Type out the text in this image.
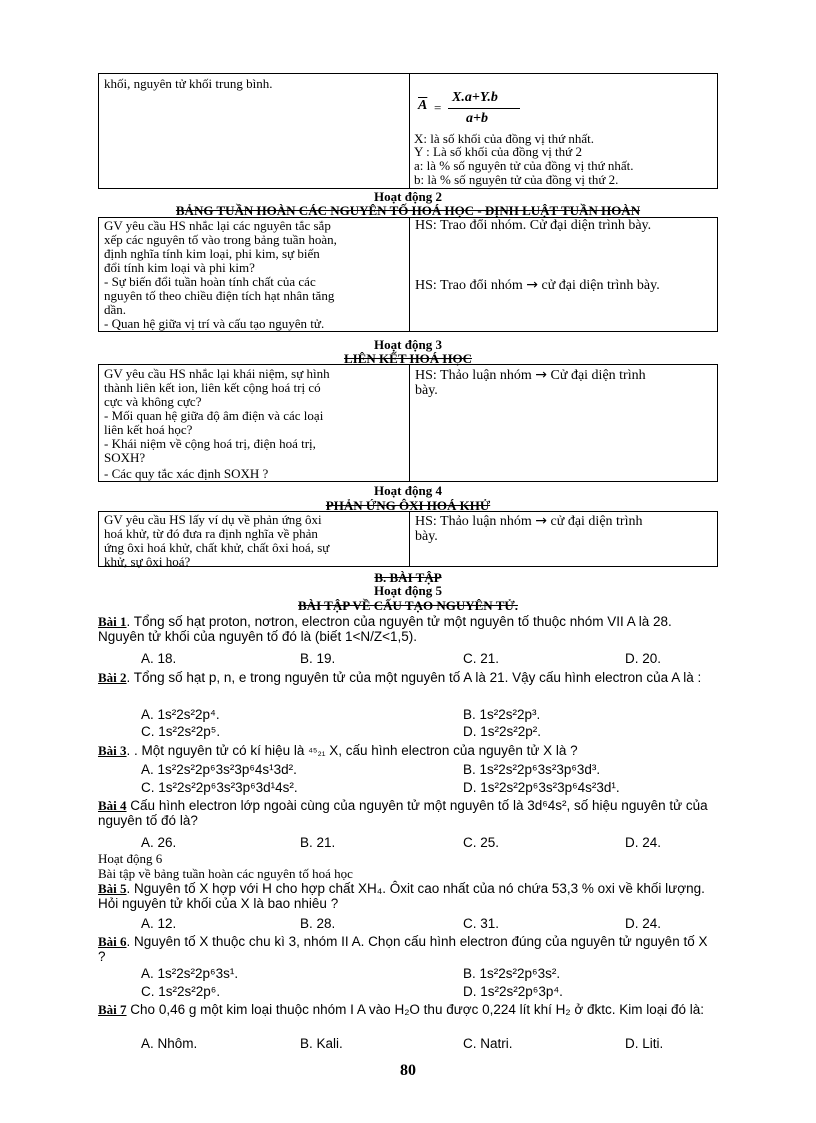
khối, nguyên tử khối trung bình.
$\overline{A}$ =
X.a+Y.b
a+b
X: là số khối của đồng vị thứ nhất.
Y : Là số khối của đồng vị thứ 2
a: là % số nguyên tử của đồng vị thứ nhất.
b: là % số nguyên tử của đồng vị thứ 2.
Hoạt động 2
BẢNG TUẦN HOÀN CÁC NGUYÊN TỐ HOÁ HỌC - ĐỊNH LUẬT TUẦN HOÀN
GV yêu cầu HS nhắc lại các nguyên tắc sắp
xếp các nguyên tố vào trong bảng tuần hoàn,
định nghĩa tính kim loại, phi kim, sự biến
đổi tính kim loại và phi kim?
- Sự biến đổi tuần hoàn tính chất của các
nguyên tố theo chiều điện tích hạt nhân tăng
dần.
- Quan hệ giữa vị trí và cấu tạo nguyên tử.
HS: Trao đổi nhóm. Cử đại diện trình bày.
HS: Trao đổi nhóm → cử đại diện trình bày.
Hoạt động 3
LIÊN KẾT HOÁ HỌC
GV yêu cầu HS nhắc lại khái niệm, sự hình
thành liên kết ion, liên kết cộng hoá trị có
cực và không cực?
- Mối quan hệ giữa độ âm điện và các loại
liên kết hoá học?
- Khái niệm về cộng hoá trị, điện hoá trị,
SOXH?
- Các quy tắc xác định SOXH ?
HS: Thảo luận nhóm → Cử đại diện trình
bày.
Hoạt động 4
PHẢN ỨNG ÔXI HOÁ KHỬ
GV yêu cầu HS lấy ví dụ về phản ứng ôxi
hoá khử, từ đó đưa ra định nghĩa về phản
ứng ôxi hoá khử, chất khử, chất ôxi hoá, sự
khử, sự ôxi hoá?
HS: Thảo luận nhóm → cử đại diện trình
bày.
B. BÀI TẬP
Hoạt động 5
BÀI TẬP VỀ CẤU TẠO NGUYÊN TỬ.
Bài 1. Tổng số hạt proton, nơtron, electron của nguyên tử một nguyên tố thuộc nhóm VII A là 28. Nguyên tử khối của nguyên tố đó là (biết 1<N/Z<1,5).
A. 18.	B. 19.	C. 21.	D. 20.
Bài 2. Tổng số hạt p, n, e trong nguyên tử của một nguyên tố A là 21. Vậy cấu hình electron của A là :
A. 1s²2s²2p⁴.	B. 1s²2s²2p³.
C. 1s²2s²2p⁵.	D. 1s²2s²2p².
Bài 3. . Một nguyên tử có kí hiệu là ⁴⁵₂₁ X, cấu hình electron của nguyên tử X là ?
A. 1s²2s²2p⁶3s²3p⁶4s¹3d².	B. 1s²2s²2p⁶3s²3p⁶3d³.
C. 1s²2s²2p⁶3s²3p⁶3d¹4s².	D. 1s²2s²2p⁶3s²3p⁶4s²3d¹.
Bài 4 Cấu hình electron lớp ngoài cùng của nguyên tử một nguyên tố là 3d⁶4s², số hiệu nguyên tử của nguyên tố đó là?
A. 26.	B. 21.	C. 25.	D. 24.
Hoạt động 6
Bài tập về bảng tuần hoàn các nguyên tố hoá học
Bài 5. Nguyên tố X hợp với H cho hợp chất XH₄. Ôxit cao nhất của nó chứa 53,3 % oxi về khối lượng. Hỏi nguyên tử khối của X là bao nhiêu ?
A. 12.	B. 28.	C. 31.	D. 24.
Bài 6. Nguyên tố X thuộc chu kì 3, nhóm II A. Chọn cấu hình electron đúng của nguyên tử nguyên tố X ?
A. 1s²2s²2p⁶3s¹.	B. 1s²2s²2p⁶3s².
C. 1s²2s²2p⁶.	D. 1s²2s²2p⁶3p⁴.
Bài 7 Cho 0,46 g một kim loại thuộc nhóm I A vào H₂O thu được 0,224 lít khí H₂ ở đktc. Kim loại đó là:
A. Nhôm.	B. Kali.	C. Natri.	D. Liti.
80
